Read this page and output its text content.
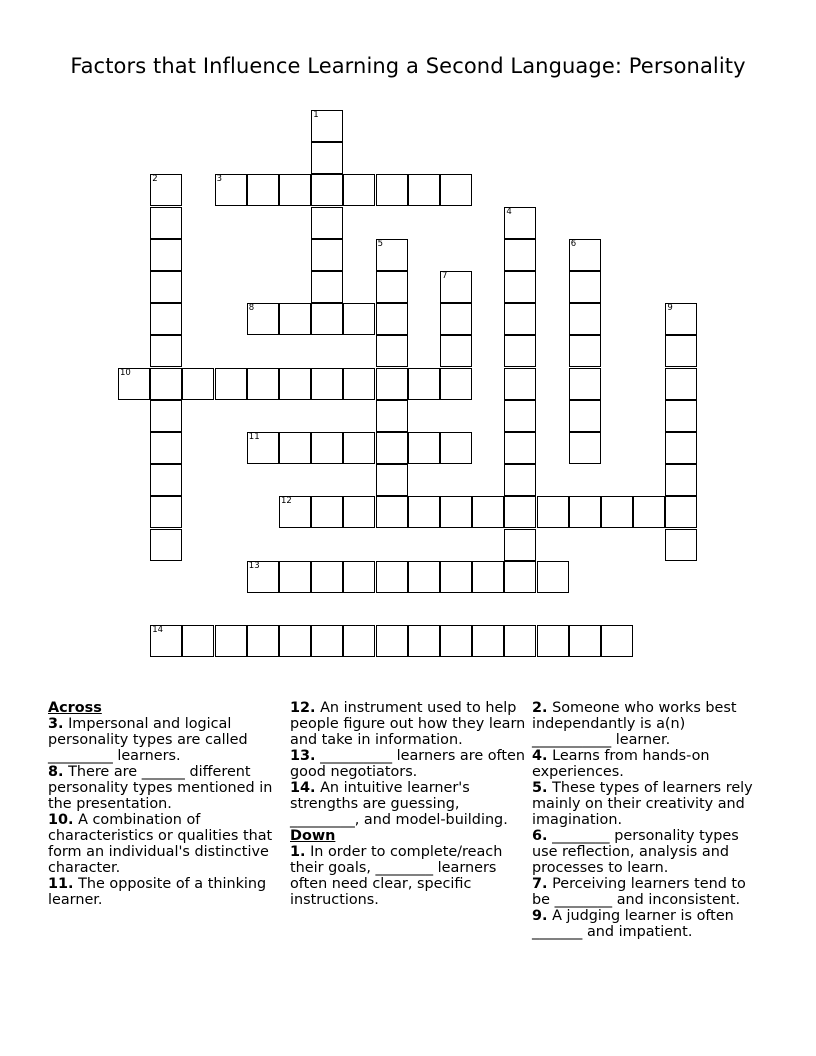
Factors that Influence Learning a Second Language: Personality
1
2	3
4
5	6
7
8	9
10
11
12
13
14
Across
3. Impersonal and logical personality types are called _________ learners.
8. There are ______ different personality types mentioned in the presentation.
10. A combination of characteristics or qualities that form an individual's distinctive character.
11. The opposite of a thinking learner.
12. An instrument used to help people figure out how they learn and take in information.
13. __________ learners are often good negotiators.
14. An intuitive learner's strengths are guessing, _________, and model-building.
Down
1. In order to complete/reach their goals, ________ learners often need clear, specific instructions.
2. Someone who works best independantly is a(n) ___________ learner.
4. Learns from hands-on experiences.
5. These types of learners rely mainly on their creativity and imagination.
6. ________ personality types use reflection, analysis and processes to learn.
7. Perceiving learners tend to be ________ and inconsistent.
9. A judging learner is often _______ and impatient.
